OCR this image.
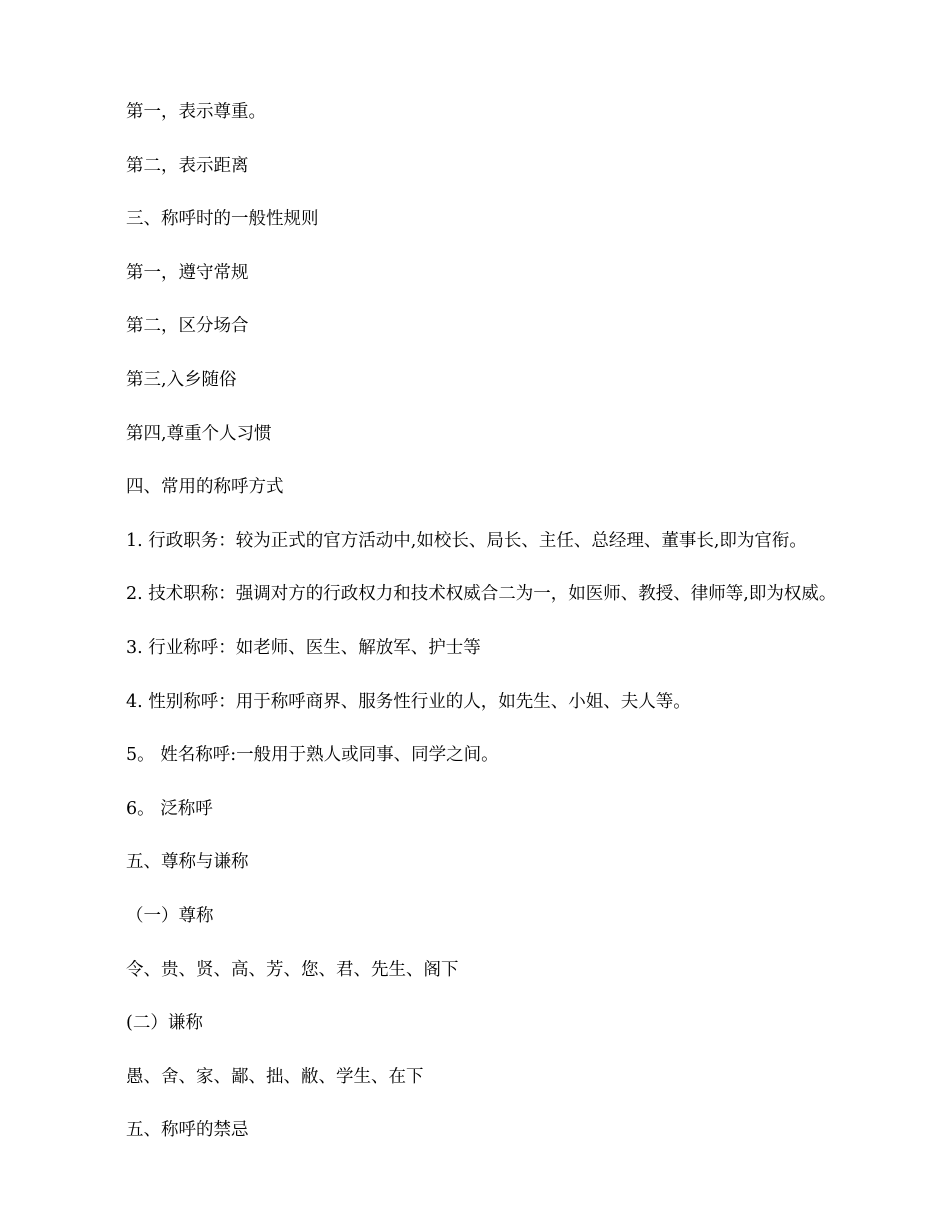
第一，表示尊重。
第二，表示距离
三、称呼时的一般性规则
第一，遵守常规
第二，区分场合
第三,入乡随俗
第四,尊重个人习惯
四、常用的称呼方式
1. 行政职务：较为正式的官方活动中,如校长、局长、主任、总经理、董事长,即为官衔。
2. 技术职称：强调对方的行政权力和技术权威合二为一，如医师、教授、律师等,即为权威。
3. 行业称呼：如老师、医生、解放军、护士等
4. 性别称呼：用于称呼商界、服务性行业的人，如先生、小姐、夫人等。
5。 姓名称呼:一般用于熟人或同事、同学之间。
6。 泛称呼
五、尊称与谦称
（一）尊称
令、贵、贤、高、芳、您、君、先生、阁下
(二）谦称
愚、舍、家、鄙、拙、敝、学生、在下
五、称呼的禁忌
